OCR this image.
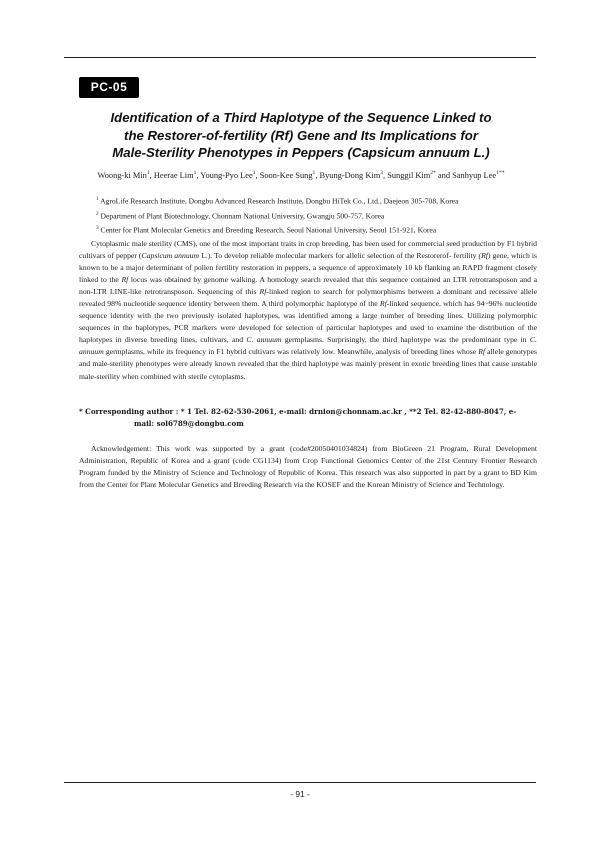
PC-05
Identification of a Third Haplotype of the Sequence Linked to
the Restorer-of-fertility (Rf) Gene and Its Implications for
Male-Sterility Phenotypes in Peppers (Capsicum annuum L.)
Woong-ki Min$^1$, Heerae Lim$^1$, Young-Pyo Lee$^1$, Soon-Kee Sung$^1$, Byung-Dong Kim$^3$, Sunggil Kim$^{2*}$ and Sanhyup Lee$^{1**}$
$^1$ AgroLife Research Institute, Dongbu Advanced Research Institute, Dongbu HiTek Co., Ltd., Daejeon 305-708, Korea
$^2$ Department of Plant Biotechnology, Chonnam National University, Gwangju 500-757, Korea
$^3$ Center for Plant Molecular Genetics and Breeding Research, Seoul National University, Seoul 151-921, Korea

Cytoplasmic male sterility (CMS), one of the most important traits in crop breeding, has been used for commercial seed production by F1 hybrid cultivars of pepper (Capsicum annuum L.). To develop reliable molecular markers for allelic selection of the Restorerof- fertility (Rf) gene, which is known to be a major determinant of pollen fertility restoration in peppers, a sequence of approximately 10 kb flanking an RAPD fragment closely linked to the Rf locus was obtained by genome walking. A homology search revealed that this sequence contained an LTR retrotransposon and a non-LTR LINE-like retrotransposon. Sequencing of this Rf-linked region to search for polymorphisms between a dominant and recessive allele revealed 98% nucleotide sequence identity between them. A third polymorphic haplotype of the Rf-linked sequence, which has 94~96% nucleotide sequence identity with the two previously isolated haplotypes, was identified among a large number of breeding lines. Utilizing polymorphic sequences in the haplotypes, PCR markers were developed for selection of particular haplotypes and used to examine the distribution of the haplotypes in diverse breeding lines, cultivars, and C. annuum germplasms. Surprisingly, the third haplotype was the predominant type in C. annuum germplasms, while its frequency in F1 hybrid cultivars was relatively low. Meanwhile, analysis of breeding lines whose Rf allele genotypes and male-sterility phenotypes were already known revealed that the third haplotype was mainly present in exotic breeding lines that cause unstable male-sterility when combined with sterile cytoplasms.

* Corresponding author : * 1 Tel. 82-62-530-2061, e-mail: drnion@chonnam.ac.kr , **2 Tel. 82-42-880-8047, e-
mail: sol6789@dongbu.com

Acknowledgement: This work was supported by a grant (code#20050401034824) from BioGreen 21 Program, Rural Development Administration, Republic of Korea and a grant (code CG1134) from Crop Functional Genomics Center of the 21st Century Frontier Research Program funded by the Ministry of Science and Technology of Republic of Korea. This research was also supported in part by a grant to BD Kim from the Center for Plant Molecular Genetics and Breeding Research via the KOSEF and the Korean Ministry of Science and Technology.

- 91 -
